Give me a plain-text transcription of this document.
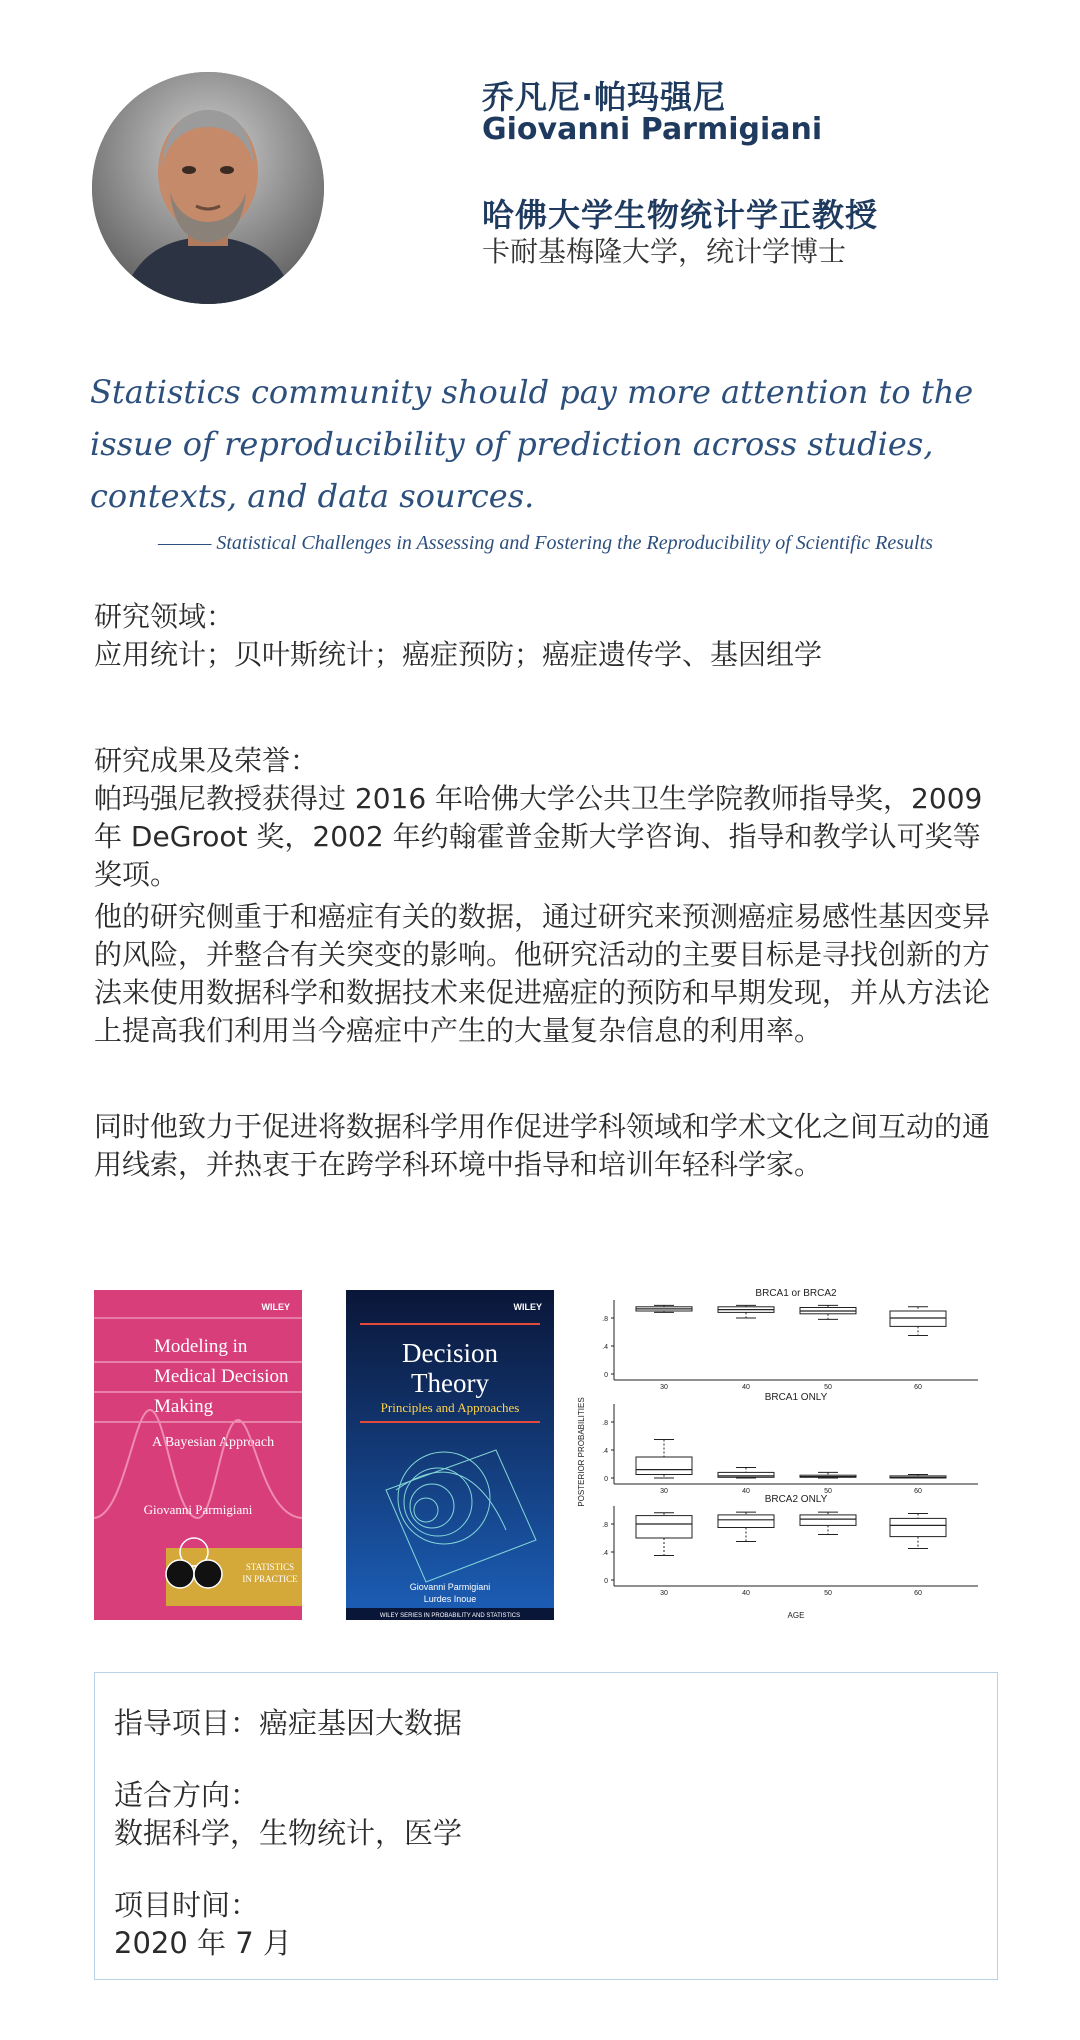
乔凡尼·帕玛强尼
Giovanni Parmigiani
哈佛大学生物统计学正教授
卡耐基梅隆大学，统计学博士
Statistics community should pay more attention to the issue of reproducibility of prediction across studies, contexts, and data sources.
——— Statistical Challenges in Assessing and Fostering the Reproducibility of Scientific Results
研究领域：
应用统计；贝叶斯统计；癌症预防；癌症遗传学、基因组学
研究成果及荣誉：
帕玛强尼教授获得过 2016 年哈佛大学公共卫生学院教师指导奖，2009 年 DeGroot 奖，2002 年约翰霍普金斯大学咨询、指导和教学认可奖等奖项。
他的研究侧重于和癌症有关的数据，通过研究来预测癌症易感性基因变异的风险，并整合有关突变的影响。他研究活动的主要目标是寻找创新的方法来使用数据科学和数据技术来促进癌症的预防和早期发现，并从方法论上提高我们利用当今癌症中产生的大量复杂信息的利用率。
同时他致力于促进将数据科学用作促进学科领域和学术文化之间互动的通用线索，并热衷于在跨学科环境中指导和培训年轻科学家。
WILEY
Modeling in
Medical Decision
Making
A Bayesian Approach
Giovanni Parmigiani
STATISTICS
IN PRACTICE
WILEY
Decision
Theory
Principles and Approaches
Giovanni Parmigiani
Lurdes Inoue
WILEY SERIES IN PROBABILITY AND STATISTICS
BRCA1 or BRCA2
0
.4
.8
30	40	50	60
BRCA1 ONLY
0
.4
.8
30	40	50	60
BRCA2 ONLY
0
.4
.8
30	40	50	60
POSTERIOR PROBABILITIES
AGE
指导项目：癌症基因大数据
适合方向：
数据科学，生物统计，医学
项目时间：
2020 年 7 月
